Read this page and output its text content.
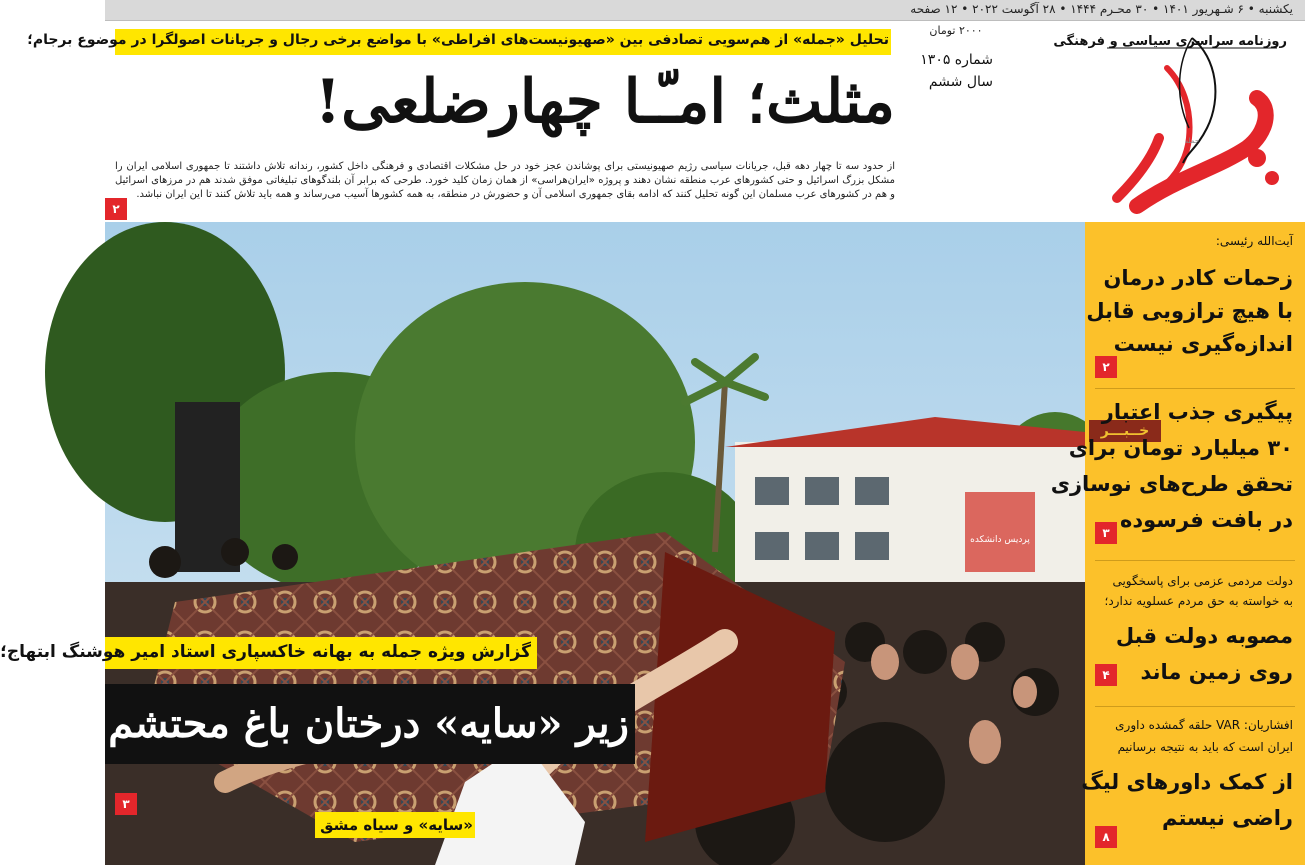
یکشنبه • ۶ شـهریور ۱۴۰۱ • ۳۰ محـرم ۱۴۴۴ • ۲۸ آگوست ۲۰۲۲ • ۱۲ صفحه
جمله
روزنامه سراسری سیاسی و فرهنگی
۲۰۰۰ تومان
شماره ۱۳۰۵
سال ششم
تحلیل «جمله» از هم‌سویی تصادفی بین «صهیونیست‌های افراطی» با مواضع برخی رجال و جریانات اصولگرا در موضوع برجام؛
مثلث؛ امـّـا چهارضلعی!
از حدود سه تا چهار دهه قبل، جریانات سیاسی رژیم صهیونیستی برای پوشاندن عجز خود در حل مشکلات اقتصادی و فرهنگی داخل کشور، رندانه تلاش داشتند تا جمهوری اسلامی ایران را مشکل بزرگ اسرائیل و حتی کشورهای عرب منطقه نشان دهند و پروژه «ایران‌هراسی» از همان زمان کلید خورد. طرحی که برابر آن بلندگوهای تبلیغاتی موفق شدند هم در مرزهای اسرائیل و هم در کشورهای عرب مسلمان این گونه تحلیل کنند که ادامه بقای جمهوری اسلامی آن و حضورش در منطقه، به همه کشورها آسیب می‌رساند و همه باید تلاش کنند تا این ایران نباشد.
۲
پردیس دانشکده
گزارش ویژه جمله به بهانه خاکسپاری استاد امیر هوشنگ ابتهاج؛
زیر «سایه» درختان باغ محتشم
«سایه» و سیاه مشق
۳
آیت‌الله رئیسی:
زحمات کادر درمان
با هیچ ترازویی قابل
اندازه‌گیری نیست
۲
خــبـــر
پیگیری جذب اعتبار
۳۰ میلیارد تومان برای
تحقق طرح‌های نوسازی
در بافت فرسوده
۳
دولت مردمی عزمی برای پاسخگویی
به خواسته به حق مردم عسلویه ندارد؛
مصوبه دولت قبل
روی زمین ماند
۴
افشاریان: VAR حلقه گمشده داوری
ایران است که باید به نتیجه برسانیم
از کمک داورهای لیگ
راضی نیستم
۸
